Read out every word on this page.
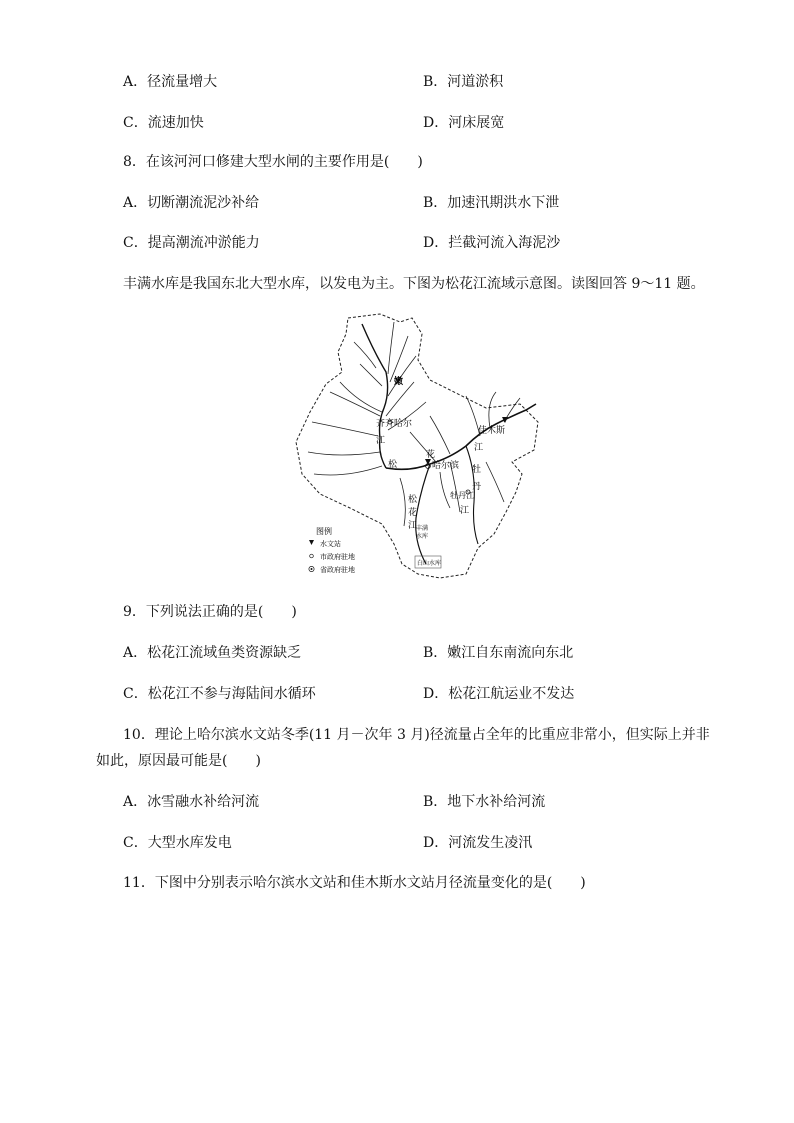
A．径流量增大	B．河道淤积
C．流速加快	D．河床展宽
8．在该河河口修建大型水闸的主要作用是(　　)
A．切断潮流泥沙补给	B．加速汛期洪水下泄
C．提高潮流冲淤能力	D．拦截河流入海泥沙
丰满水库是我国东北大型水库，以发电为主。下图为松花江流域示意图。读图回答 9～11 题。
嫩
齐齐哈尔
江
松
花
哈尔滨
佳木斯
江
牡
丹
牡丹江
江
松
花
江
丰满
水库
白山水库
图例
水文站
市政府驻地
省政府驻地
9．下列说法正确的是(　　)
A．松花江流域鱼类资源缺乏	B．嫩江自东南流向东北
C．松花江不参与海陆间水循环	D．松花江航运业不发达
10．理论上哈尔滨水文站冬季(11 月－次年 3 月)径流量占全年的比重应非常小，但实际上并非
如此，原因最可能是(　　)
A．冰雪融水补给河流	B．地下水补给河流
C．大型水库发电	D．河流发生凌汛
11．下图中分别表示哈尔滨水文站和佳木斯水文站月径流量变化的是(　　)
